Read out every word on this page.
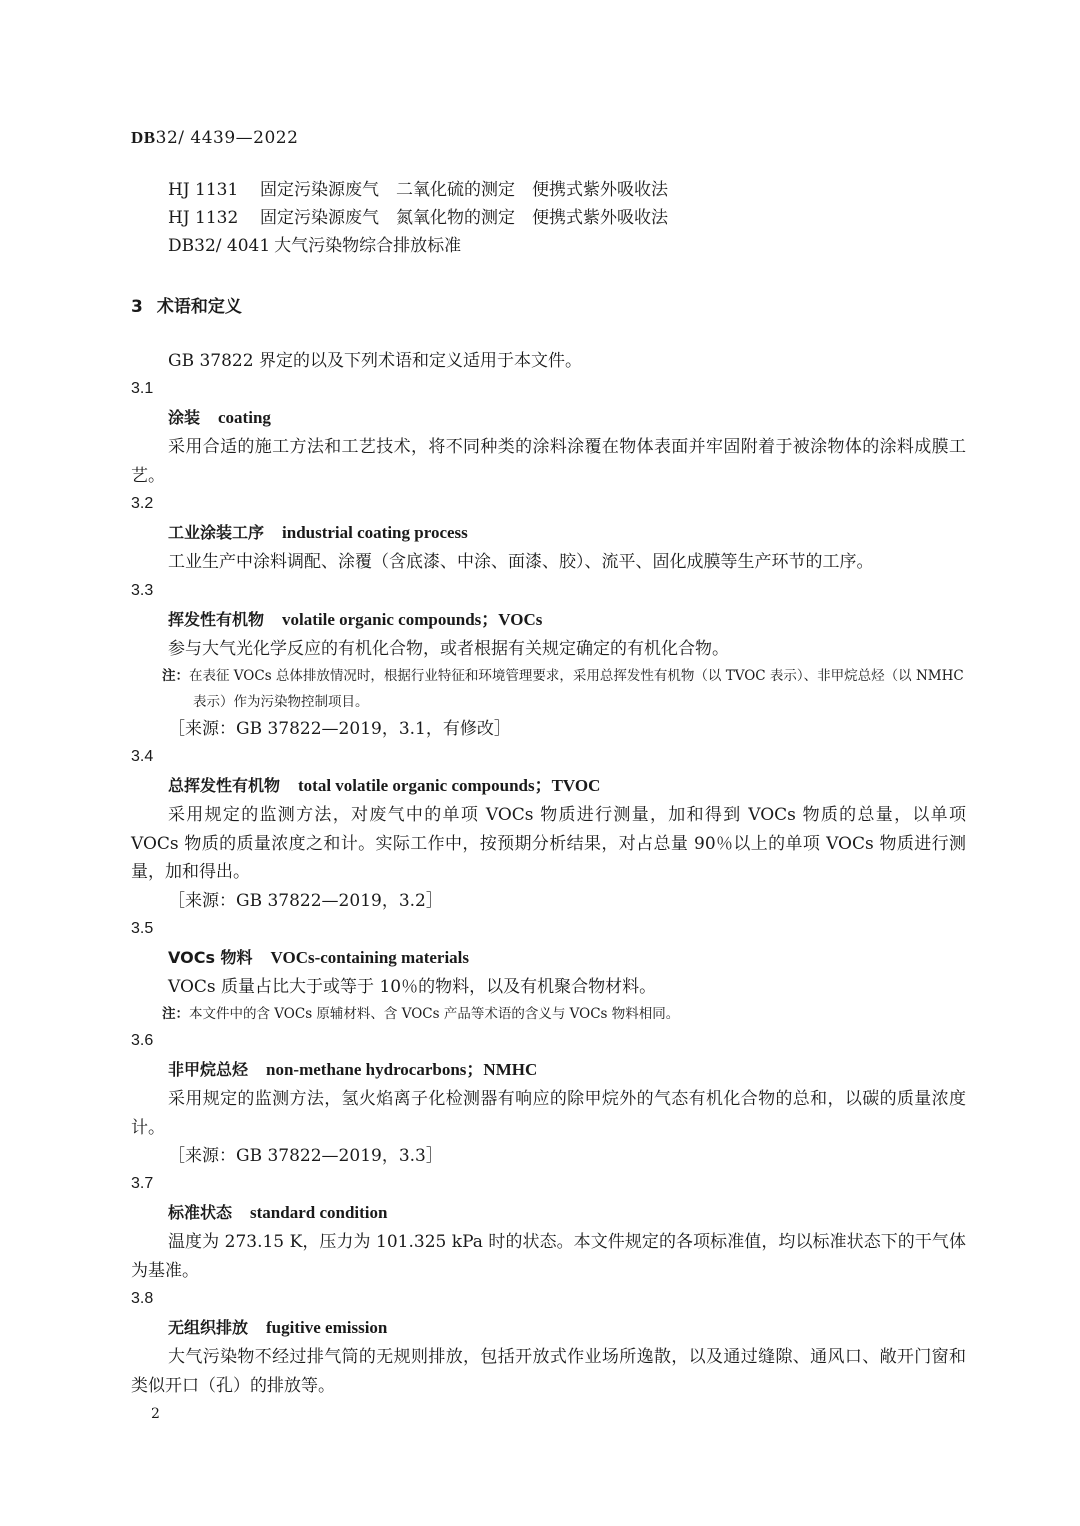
DB32/ 4439—2022
HJ 1131 固定污染源废气　二氧化硫的测定　便携式紫外吸收法
HJ 1132 固定污染源废气　氮氧化物的测定　便携式紫外吸收法
DB32/ 4041 大气污染物综合排放标准
3 术语和定义
GB 37822 界定的以及下列术语和定义适用于本文件。
3.1
涂装 coating
采用合适的施工方法和工艺技术，将不同种类的涂料涂覆在物体表面并牢固附着于被涂物体的涂料成膜工艺。
3.2
工业涂装工序 industrial coating process
工业生产中涂料调配、涂覆（含底漆、中涂、面漆、胶）、流平、固化成膜等生产环节的工序。
3.3
挥发性有机物 volatile organic compounds；VOCs
参与大气光化学反应的有机化合物，或者根据有关规定确定的有机化合物。
注：在表征 VOCs 总体排放情况时，根据行业特征和环境管理要求，采用总挥发性有机物（以 TVOC 表示）、非甲烷总烃（以 NMHC 表示）作为污染物控制项目。
［来源：GB 37822—2019，3.1，有修改］
3.4
总挥发性有机物 total volatile organic compounds；TVOC
采用规定的监测方法，对废气中的单项 VOCs 物质进行测量，加和得到 VOCs 物质的总量，以单项 VOCs 物质的质量浓度之和计。实际工作中，按预期分析结果，对占总量 90％以上的单项 VOCs 物质进行测量，加和得出。
［来源：GB 37822—2019，3.2］
3.5
VOCs 物料 VOCs-containing materials
VOCs 质量占比大于或等于 10％的物料，以及有机聚合物材料。
注：本文件中的含 VOCs 原辅材料、含 VOCs 产品等术语的含义与 VOCs 物料相同。
3.6
非甲烷总烃 non-methane hydrocarbons；NMHC
采用规定的监测方法，氢火焰离子化检测器有响应的除甲烷外的气态有机化合物的总和，以碳的质量浓度计。
［来源：GB 37822—2019，3.3］
3.7
标准状态 standard condition
温度为 273.15 K，压力为 101.325 kPa 时的状态。本文件规定的各项标准值，均以标准状态下的干气体为基准。
3.8
无组织排放 fugitive emission
大气污染物不经过排气筒的无规则排放，包括开放式作业场所逸散，以及通过缝隙、通风口、敞开门窗和类似开口（孔）的排放等。
2
